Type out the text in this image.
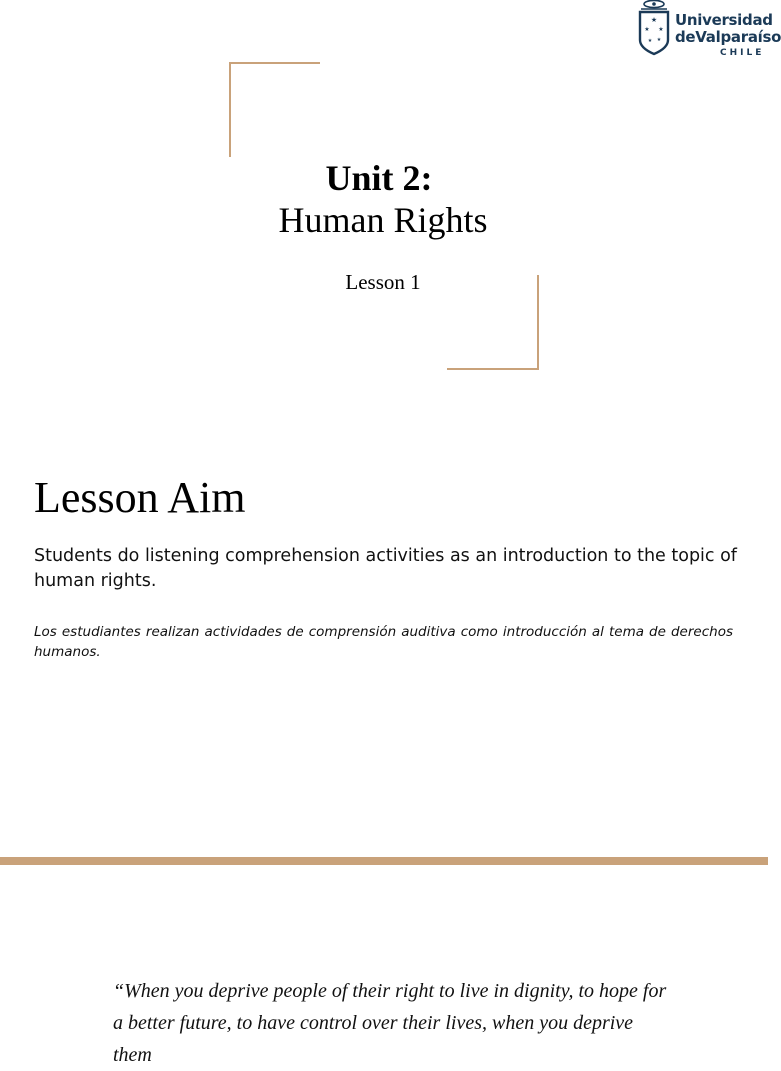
★
★ ★
★ ★
Universidad
deValparaíso
CHILE
Unit 2:
Human Rights
Lesson 1
Lesson Aim
Students do listening comprehension activities as an introduction to the topic of human rights.
Los estudiantes realizan actividades de comprensión auditiva como introducción al tema de derechos humanos.
“When you deprive people of their right to live in dignity, to hope for a better future, to have control over their lives, when you deprive them
